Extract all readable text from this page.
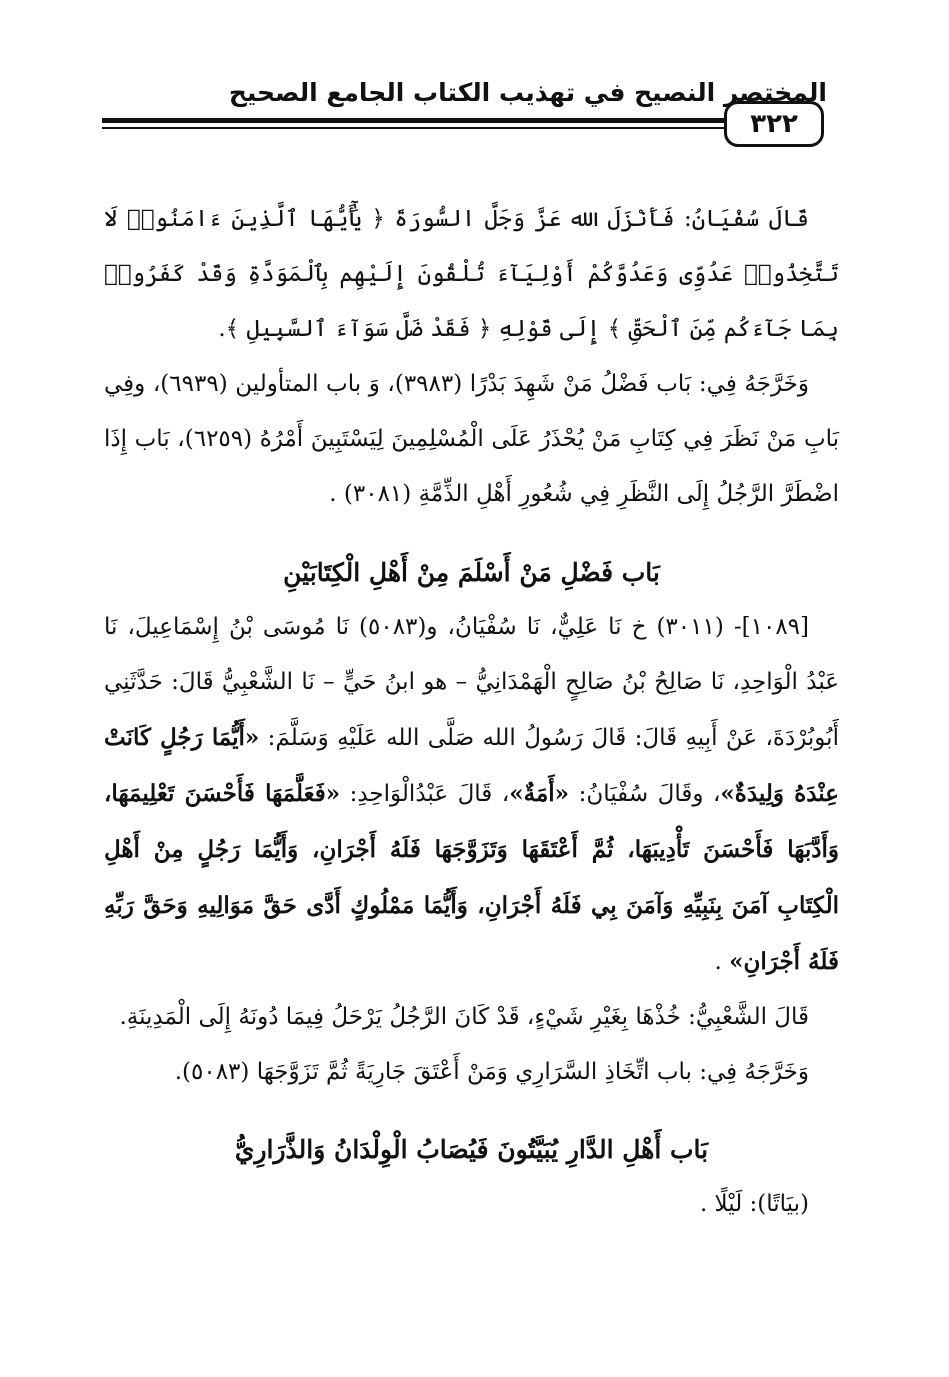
المختصر النصيح في تهذيب الكتاب الجامع الصحيح
٣٢٢

قَالَ سُفْيَانُ: فَأَنْزَلَ الله عَزَّ وَجَلَّ السُّورَةَ ﴿ يَٰٓأَيُّهَا ٱلَّذِينَ ءَامَنُوا۟ لَا تَتَّخِذُوا۟ عَدُوِّى وَعَدُوَّكُمْ أَوْلِيَآءَ تُلْقُونَ إِلَيْهِم بِٱلْمَوَدَّةِ وَقَدْ كَفَرُوا۟ بِمَا جَآءَكُم مِّنَ ٱلْحَقِّ ﴾ إِلَى قَوْلِهِ ﴿ فَقَدْ ضَلَّ سَوَآءَ ٱلسَّبِيلِ ﴾.

وَخَرَّجَهُ فِي: بَاب فَضْلُ مَنْ شَهِدَ بَدْرًا (٣٩٨٣)، وَ باب المتأولين (٦٩٣٩)، وفِي بَابِ مَنْ نَظَرَ فِي كِتَابِ مَنْ يُحْذَرُ عَلَى الْمُسْلِمِينَ لِيَسْتَبِينَ أَمْرُهُ (٦٢٥٩)، بَاب إِذَا اضْطَرَّ الرَّجُلُ إِلَى النَّظَرِ فِي شُعُورِ أَهْلِ الذِّمَّةِ (٣٠٨١) .

بَاب فَضْلِ مَنْ أَسْلَمَ مِنْ أَهْلِ الْكِتَابَيْنِ

[١٠٨٩]- (٣٠١١) خ نَا عَلِيٌّ، نَا سُفْيَانُ، و(٥٠٨٣) نَا مُوسَى بْنُ إِسْمَاعِيلَ، نَا عَبْدُ الْوَاحِدِ، نَا صَالِحُ بْنُ صَالِحٍ الْهَمْدَانِيُّ – هو ابنُ حَيٍّ – نَا الشَّعْبِيُّ قَالَ: حَدَّثَنِي أَبُوبُرْدَةَ، عَنْ أَبِيهِ قَالَ: قَالَ رَسُولُ الله صَلَّى الله عَلَيْهِ وَسَلَّمَ: «أَيُّمَا رَجُلٍ كَانَتْ عِنْدَهُ وَلِيدَةٌ»، وقَالَ سُفْيَانُ: «أَمَةٌ»، قَالَ عَبْدُالْوَاحِدِ: «فَعَلَّمَهَا فَأَحْسَنَ تَعْلِيمَهَا، وَأَدَّبَهَا فَأَحْسَنَ تَأْدِيبَهَا، ثُمَّ أَعْتَقَهَا وَتَزَوَّجَهَا فَلَهُ أَجْرَانِ، وَأَيُّمَا رَجُلٍ مِنْ أَهْلِ الْكِتَابِ آمَنَ بِنَبِيِّهِ وَآمَنَ بِي فَلَهُ أَجْرَانِ، وَأَيُّمَا مَمْلُوكٍ أَدَّى حَقَّ مَوَالِيهِ وَحَقَّ رَبِّهِ فَلَهُ أَجْرَانِ» .

قَالَ الشَّعْبِيُّ: خُذْهَا بِغَيْرِ شَيْءٍ، قَدْ كَانَ الرَّجُلُ يَرْحَلُ فِيمَا دُونَهُ إِلَى الْمَدِينَةِ.

وَخَرَّجَهُ فِي: باب اتِّخَاذِ السَّرَارِي وَمَنْ أَعْتَقَ جَارِيَةً ثُمَّ تَزَوَّجَهَا (٥٠٨٣).

بَاب أَهْلِ الدَّارِ يُبَيَّتُونَ فَيُصَابُ الْوِلْدَانُ وَالذَّرَارِيُّ

(بيَاتًا): لَيْلًا .
